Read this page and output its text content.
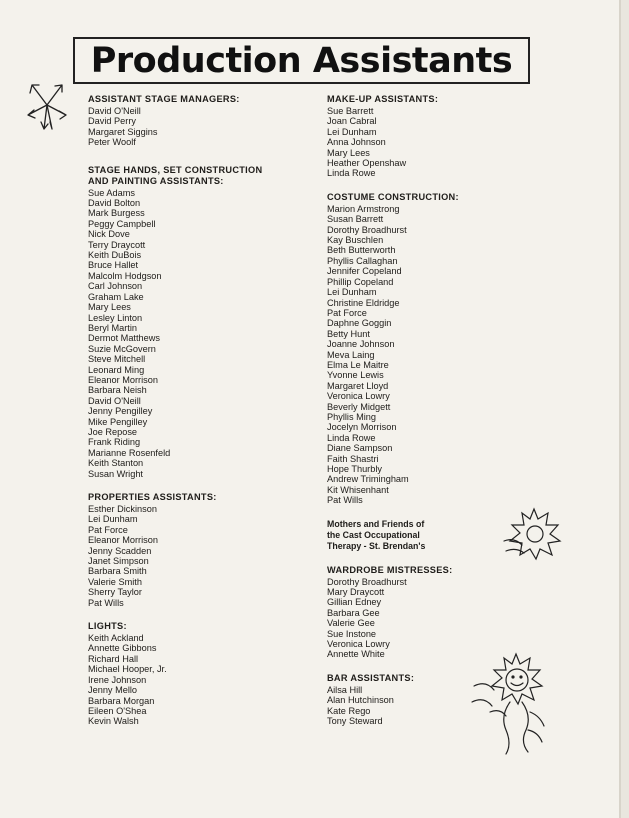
Production Assistants
ASSISTANT STAGE MANAGERS:
David O'Neill
David Perry
Margaret Siggins
Peter Woolf
STAGE HANDS, SET CONSTRUCTION AND PAINTING ASSISTANTS:
Sue Adams
David Bolton
Mark Burgess
Peggy Campbell
Nick Dove
Terry Draycott
Keith DuBois
Bruce Hallet
Malcolm Hodgson
Carl Johnson
Graham Lake
Mary Lees
Lesley Linton
Beryl Martin
Dermot Matthews
Suzie McGovern
Steve Mitchell
Leonard Ming
Eleanor Morrison
Barbara Neish
David O'Neill
Jenny Pengilley
Mike Pengilley
Joe Repose
Frank Riding
Marianne Rosenfeld
Keith Stanton
Susan Wright
PROPERTIES ASSISTANTS:
Esther Dickinson
Lei Dunham
Pat Force
Eleanor Morrison
Jenny Scadden
Janet Simpson
Barbara Smith
Valerie Smith
Sherry Taylor
Pat Wills
LIGHTS:
Keith Ackland
Annette Gibbons
Richard Hall
Michael Hooper, Jr.
Irene Johnson
Jenny Mello
Barbara Morgan
Eileen O'Shea
Kevin Walsh
MAKE-UP ASSISTANTS:
Sue Barrett
Joan Cabral
Lei Dunham
Anna Johnson
Mary Lees
Heather Openshaw
Linda Rowe
COSTUME CONSTRUCTION:
Marion Armstrong
Susan Barrett
Dorothy Broadhurst
Kay Buschlen
Beth Butterworth
Phyllis Callaghan
Jennifer Copeland
Phillip Copeland
Lei Dunham
Christine Eldridge
Pat Force
Daphne Goggin
Betty Hunt
Joanne Johnson
Meva Laing
Elma Le Maitre
Yvonne Lewis
Margaret Lloyd
Veronica Lowry
Beverly Midgett
Phyllis Ming
Jocelyn Morrison
Linda Rowe
Diane Sampson
Faith Shastri
Hope Thurbly
Andrew Trimingham
Kit Whisenhant
Pat Wills
Mothers and Friends of the Cast Occupational Therapy - St. Brendan's
WARDROBE MISTRESSES:
Dorothy Broadhurst
Mary Draycott
Gillian Edney
Barbara Gee
Valerie Gee
Sue Instone
Veronica Lowry
Annette White
BAR ASSISTANTS:
Ailsa Hill
Alan Hutchinson
Kate Rego
Tony Steward
